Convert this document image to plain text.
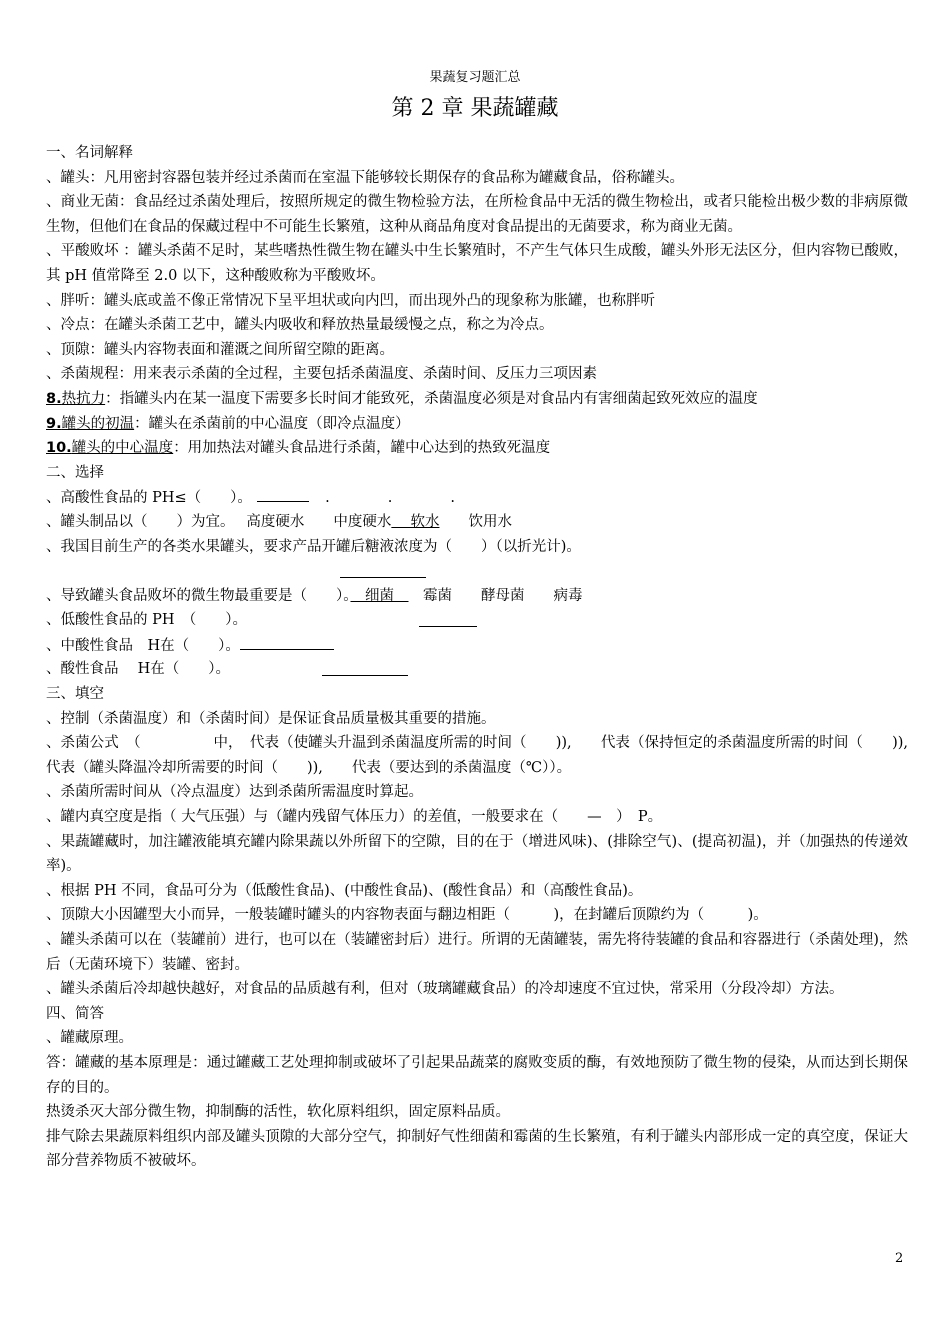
果蔬复习题汇总
第 2 章 果蔬罐藏
一、名词解释
、罐头：凡用密封容器包装并经过杀菌而在室温下能够较长期保存的食品称为罐藏食品，俗称罐头。
、商业无菌：食品经过杀菌处理后，按照所规定的微生物检验方法，在所检食品中无活的微生物检出，或者只能检出极少数的非病原微生物，但他们在食品的保藏过程中不可能生长繁殖，这种从商品角度对食品提出的无菌要求，称为商业无菌。
、平酸败坏 ：罐头杀菌不足时，某些嗜热性微生物在罐头中生长繁殖时，不产生气体只生成酸，罐头外形无法区分，但内容物已酸败，其 pH 值常降至 2.0 以下，这种酸败称为平酸败坏。
、胖听：罐头底或盖不像正常情况下呈平坦状或向内凹，而出现外凸的现象称为胀罐，也称胖听
、冷点：在罐头杀菌工艺中，罐头内吸收和释放热量最缓慢之点，称之为冷点。
、顶隙：罐头内容物表面和灌溉之间所留空隙的距离。
、杀菌规程：用来表示杀菌的全过程，主要包括杀菌温度、杀菌时间、反压力三项因素
8.热抗力：指罐头内在某一温度下需要多长时间才能致死，杀菌温度必须是对食品内有害细菌起致死效应的温度
9.罐头的初温：罐头在杀菌前的中心温度（即冷点温度）
10.罐头的中心温度：用加热法对罐头食品进行杀菌，罐中心达到的热致死温度
二、选择
、高酸性食品的 PH≤（　　）。	.　　　　.　　　　.
、罐头制品以（　　）为宜。　 高度硬水　　中度硬水　 软水　　饮用水
、我国目前生产的各类水果罐头，要求产品开罐后糖液浓度为（　　）（以折光计)。
、导致罐头食品败坏的微生物最重要是（　　）。　细菌　　霉菌　　酵母菌　　病毒
、低酸性食品的 PH　（　　）。
、中酸性食品　H在（　　）。
、酸性食品　 H在（　　）。
三、填空
、控制（杀菌温度）和（杀菌时间）是保证食品质量极其重要的措施。
、杀菌公式　（　　　　　中，　代表（使罐头升温到杀菌温度所需的时间（　　)),　　代表（保持恒定的杀菌温度所需的时间（　　)),　　代表（罐头降温冷却所需要的时间（　　)),　　代表（要达到的杀菌温度（℃））。
、杀菌所需时间从（冷点温度）达到杀菌所需温度时算起。
、罐内真空度是指（ 大气压强）与（罐内残留气体压力）的差值，一般要求在（　　—　）　P。
、果蔬罐藏时，加注罐液能填充罐内除果蔬以外所留下的空隙，目的在于（增进风味)、(排除空气)、(提高初温)，并（加强热的传递效率)。
、根据 PH 不同，食品可分为（低酸性食品)、(中酸性食品)、(酸性食品）和（高酸性食品)。
、顶隙大小因罐型大小而异，一般装罐时罐头的内容物表面与翻边相距（　　　)，在封罐后顶隙约为（　　　)。
、罐头杀菌可以在（装罐前）进行，也可以在（装罐密封后）进行。所谓的无菌罐装，需先将待装罐的食品和容器进行（杀菌处理)，然后（无菌环境下）装罐、密封。
、罐头杀菌后冷却越快越好，对食品的品质越有利，但对（玻璃罐藏食品）的冷却速度不宜过快，常采用（分段冷却）方法。
四、简答
、罐藏原理。
答：罐藏的基本原理是：通过罐藏工艺处理抑制或破坏了引起果品蔬菜的腐败变质的酶，有效地预防了微生物的侵染，从而达到长期保存的目的。
热烫杀灭大部分微生物，抑制酶的活性，软化原料组织，固定原料品质。
排气除去果蔬原料组织内部及罐头顶隙的大部分空气，抑制好气性细菌和霉菌的生长繁殖，有利于罐头内部形成一定的真空度，保证大部分营养物质不被破坏。
2
